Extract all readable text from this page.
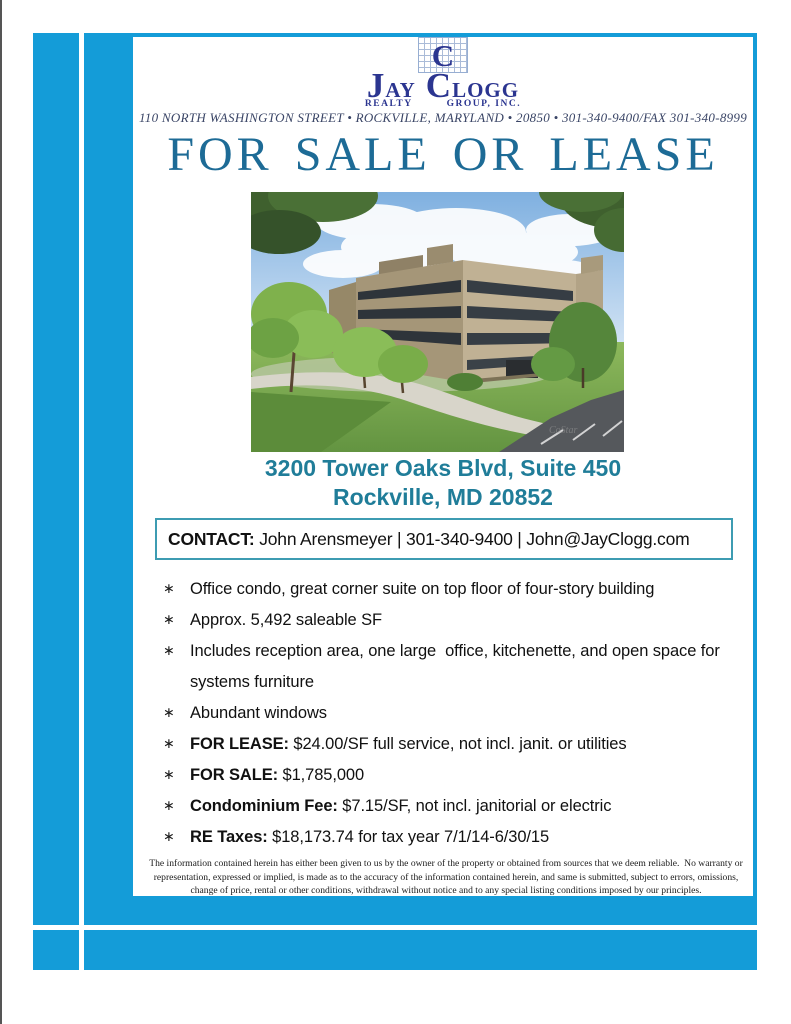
C
JAY CLOGG
REALTY	GROUP, INC.
110 NORTH WASHINGTON STREET • ROCKVILLE, MARYLAND • 20850 • 301-340-9400/FAX 301-340-8999
FOR SALE OR LEASE
CoStar
3200 Tower Oaks Blvd, Suite 450
Rockville, MD 20852
CONTACT: John Arensmeyer | 301-340-9400 | John@JayClogg.com
∗ Office condo, great corner suite on top floor of four-story building
∗ Approx. 5,492 saleable SF
∗ Includes reception area, one large  office, kitchenette, and open space for systems furniture
∗ Abundant windows
∗ FOR LEASE: $24.00/SF full service, not incl. janit. or utilities
∗ FOR SALE: $1,785,000
∗ Condominium Fee: $7.15/SF, not incl. janitorial or electric
∗ RE Taxes: $18,173.74 for tax year 7/1/14-6/30/15
The information contained herein has either been given to us by the owner of the property or obtained from sources that we deem reliable.  No warranty or representation, expressed or implied, is made as to the accuracy of the information contained herein, and same is submitted, subject to errors, omissions, change of price, rental or other conditions, withdrawal without notice and to any special listing conditions imposed by our principles.
